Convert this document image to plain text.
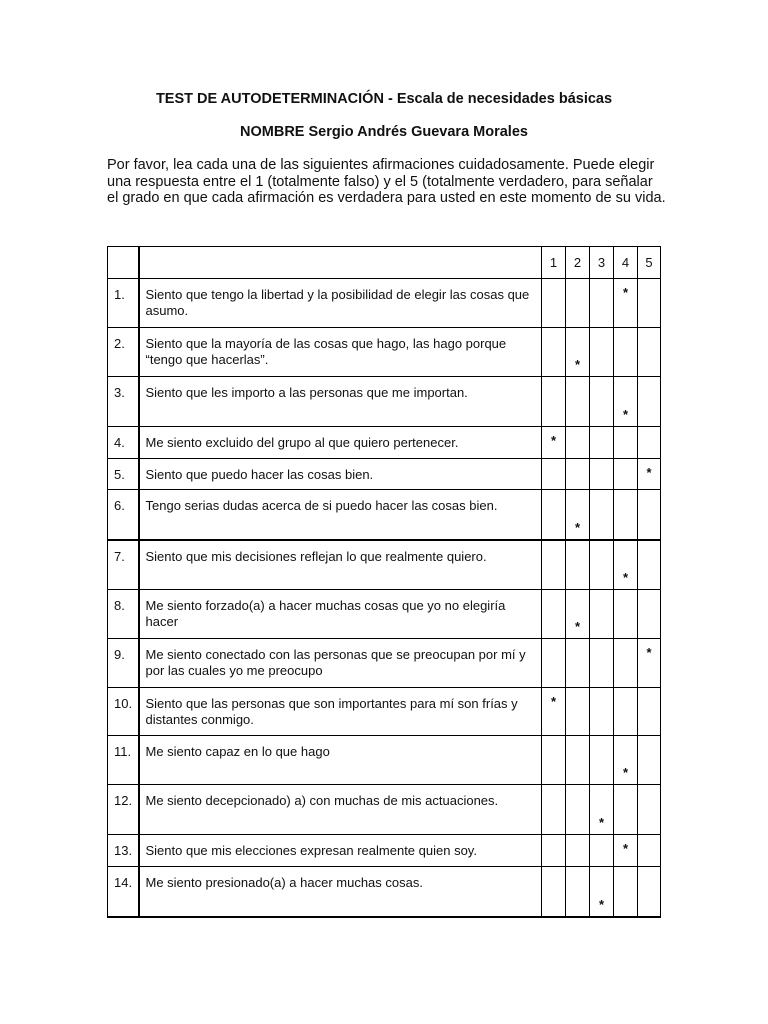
TEST DE AUTODETERMINACIÓN - Escala de necesidades básicas
NOMBRE Sergio Andrés Guevara Morales
Por favor, lea cada una de las siguientes afirmaciones cuidadosamente. Puede elegir una respuesta entre el 1 (totalmente falso) y el 5 (totalmente verdadero, para señalar el grado en que cada afirmación es verdadera para usted en este momento de su vida.
		1	2	3	4	5
1.	Siento que tengo la libertad y la posibilidad de elegir las cosas que asumo.				*	

2.	Siento que la mayoría de las cosas que hago, las hago porque “tengo que hacerlas”.		*			

3.	Siento que les importo a las personas que me importan.				*	

4.	Me siento excluido del grupo al que quiero pertenecer.	*				

5.	Siento que puedo hacer las cosas bien.					*

6.	Tengo serias dudas acerca de si puedo hacer las cosas bien.		*			

7.	Siento que mis decisiones reflejan lo que realmente quiero.				*	

8.	Me siento forzado(a) a hacer muchas cosas que yo no elegiría hacer		*			

9.	Me siento conectado con las personas que se preocupan por mí y por las cuales yo me preocupo					*

10.	Siento que las personas que son importantes para mí son frías y distantes conmigo.	*				

11.	Me siento capaz en lo que hago				*	

12.	Me siento decepcionado) a) con muchas de mis actuaciones.			*		

13.	Siento que mis elecciones expresan realmente quien soy.				*	

14.	Me siento presionado(a) a hacer muchas cosas.			*		
